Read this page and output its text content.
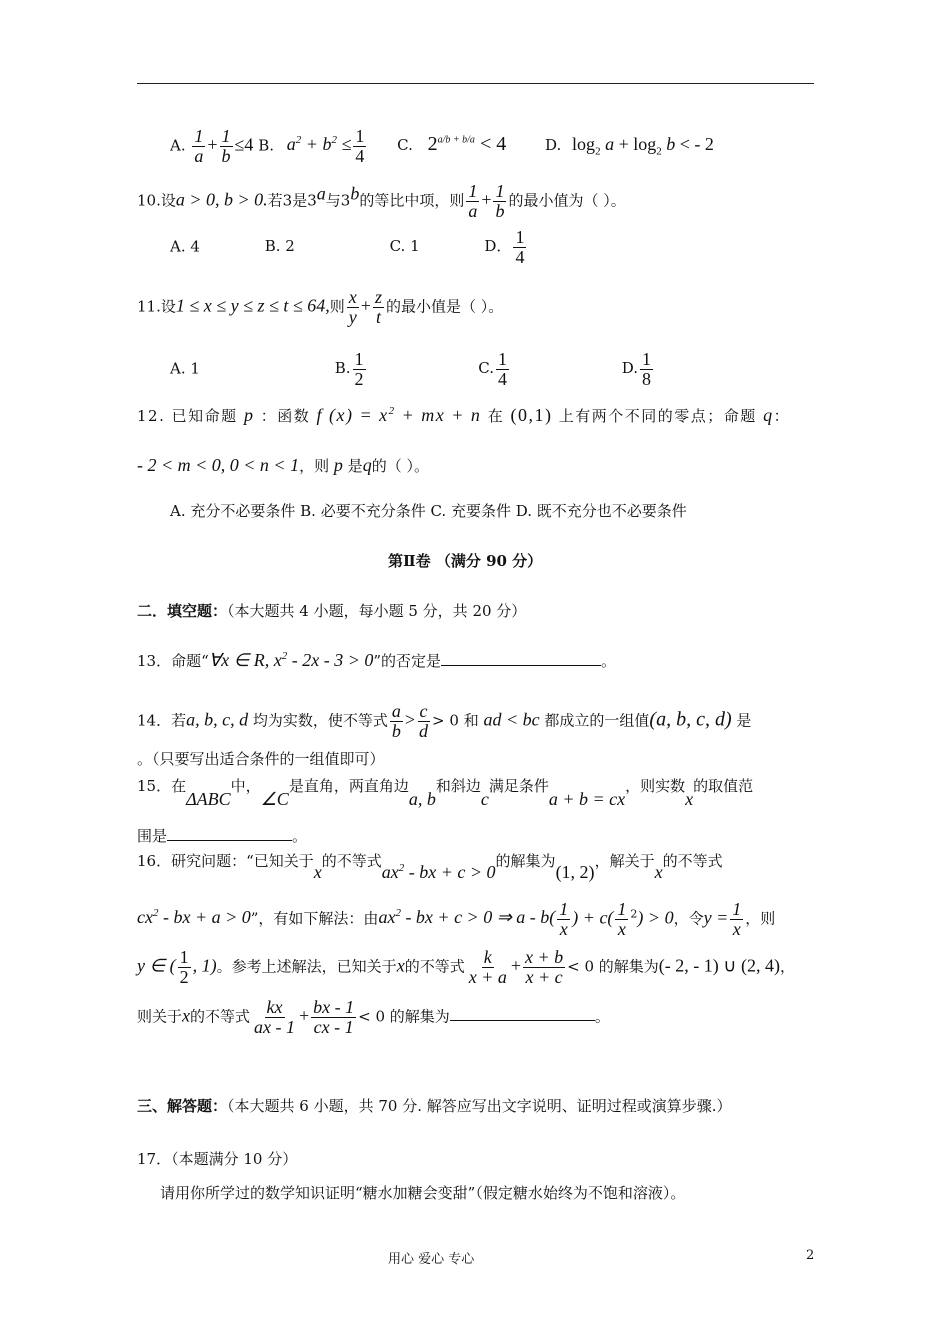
A. $\frac{1}{a} + \frac{1}{b} \le 4$ B. $a^2 + b^2 \le \frac{1}{4} C$. $2^{a/b + b/a} < 4$	D. $\log_2 a + \log_2 b$ < - 2
10.设a > 0, b > 0.若3是3$^a$与3$^b$的等比中项，则 $\frac{1}{a} + \frac{1}{b}$ 的最小值为（ ）。
A. 4	B. 2	C. 1	D． $\frac{1}{4}$
11.设1 ≤ x ≤ y ≤ z ≤ t ≤ 64,则 $\frac{x}{y} + \frac{z}{t}$ 的最小值是（ ）。
A. 1	B. $\frac{1}{2}$	C. $\frac{1}{4}$	D. $\frac{1}{8}$
12. 已知命题 p ：函数 f $(x) = x^2$ + mx + n 在 (0,1) 上有两个不同的零点；命题 q：
- 2 < m < 0, 0 < n < 1，则 p 是q的（ ）。
A. 充分不必要条件 B. 必要不充分条件 C. 充要条件 D. 既不充分也不必要条件
第Ⅱ卷 （满分 90 分）
二．填空题：（本大题共 4 小题，每小题 5 分，共 20 分）
13．命题“∀x ∈ R, $x^2 - 2x - 3 > 0$”的否定是	。
14．若a, b, c, d 均为实数，使不等式 $\frac{a}{b} > \frac{c}{d} > 0$ 和 ad < bc 都成立的一组值(a, b, c, d) 是
。（只要写出适合条件的一组值即可）
15．在ΔABC中，∠C是直角，两直角边a, b和斜边c满足条件a + b = cx，则实数x的取值范
围是	。
16．研究问题：“已知关于x的不等式$ax^2$ - bx + c > 0的解集为(1, 2)，解关于x的不等式
$cx^2$ - bx + a > 0”，有如下解法：由$ax^2$ - bx + c > 0 ⇒ a - $b( \frac{1}{x}$ ) + $c( \frac{1}{x} ^2) > 0$，令$y = \frac{1}{x}$ ，则
y ∈ ( $\frac{1}{2}$ , 1)。参考上述解法，已知关于x的不等式 $\frac{k}{x + a} + \frac{x + b}{x + c} < 0$ 的解集为(- 2, - 1) ∪ (2, 4)，
则关于x的不等式 $\frac{kx}{ax - 1} + \frac{bx - 1}{cx - 1} < 0$ 的解集为	。
三、解答题：（本大题共 6 小题，共 70 分. 解答应写出文字说明、证明过程或演算步骤.）
17．（本题满分 10 分）
请用你所学过的数学知识证明“糖水加糖会变甜”（假定糖水始终为不饱和溶液）。
用心 爱心 专心	2
